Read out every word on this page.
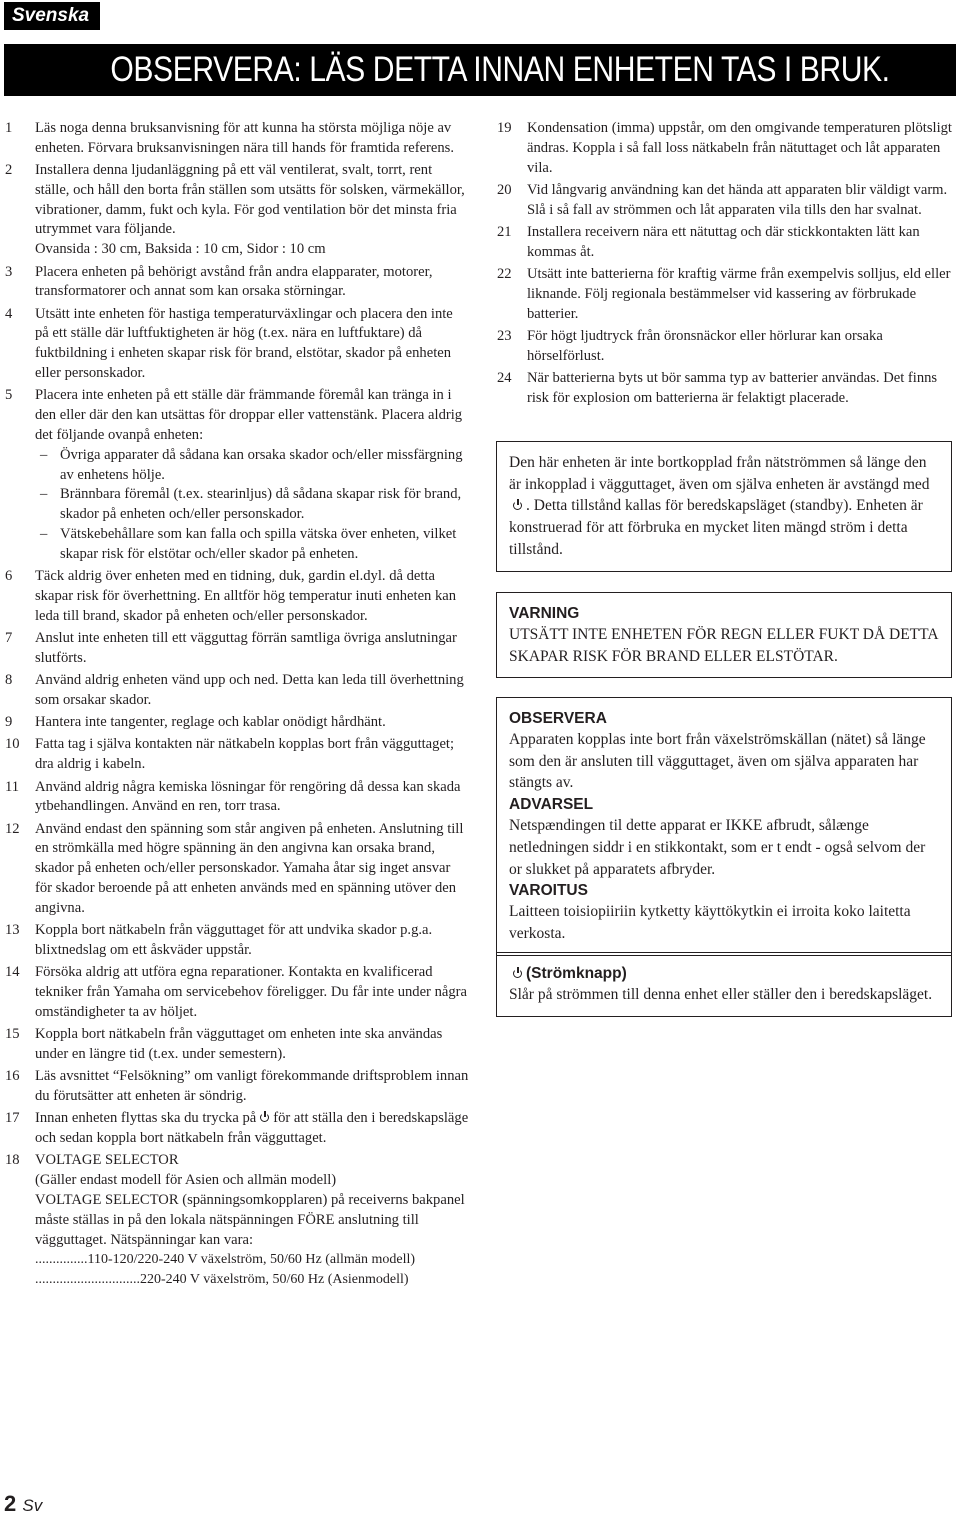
Svenska
OBSERVERA: LÄS DETTA INNAN ENHETEN TAS I BRUK.
1	Läs noga denna bruksanvisning för att kunna ha största möjliga nöje av enheten. Förvara bruksanvisningen nära till hands för framtida referens.

2	Installera denna ljudanläggning på ett väl ventilerat, svalt, torrt, rent ställe, och håll den borta från ställen som utsätts för solsken, värmekällor, vibrationer, damm, fukt och kyla. För god ventilation bör det minsta fria utrymmet vara följande.

Ovansida : 30 cm, Baksida : 10 cm, Sidor : 10 cm

3	Placera enheten på behörigt avstånd från andra elapparater, motorer, transformatorer och annat som kan orsaka störningar.

4	Utsätt inte enheten för hastiga temperaturväxlingar och placera den inte på ett ställe där luftfuktigheten är hög (t.ex. nära en luftfuktare) då fuktbildning i enheten skapar risk för brand, elstötar, skador på enheten eller personskador.

5	Placera inte enheten på ett ställe där främmande föremål kan tränga in i den eller där den kan utsättas för droppar eller vattenstänk. Placera aldrig det följande ovanpå enheten:

– Övriga apparater då sådana kan orsaka skador och/eller missfärgning av enhetens hölje.
– Brännbara föremål (t.ex. stearinljus) då sådana skapar risk för brand, skador på enheten och/eller personskador.
– Vätskebehållare som kan falla och spilla vätska över enheten, vilket skapar risk för elstötar och/eller skador på enheten.
6	Täck aldrig över enheten med en tidning, duk, gardin el.dyl. då detta skapar risk för överhettning. En alltför hög temperatur inuti enheten kan leda till brand, skador på enheten och/eller personskador.

7	Anslut inte enheten till ett vägguttag förrän samtliga övriga anslutningar slutförts.

8	Använd aldrig enheten vänd upp och ned. Detta kan leda till överhettning som orsakar skador.

9	Hantera inte tangenter, reglage och kablar onödigt hårdhänt.

10	Fatta tag i själva kontakten när nätkabeln kopplas bort från vägguttaget; dra aldrig i kabeln.

11	Använd aldrig några kemiska lösningar för rengöring då dessa kan skada ytbehandlingen. Använd en ren, torr trasa.

12	Använd endast den spänning som står angiven på enheten. Anslutning till en strömkälla med högre spänning än den angivna kan orsaka brand, skador på enheten och/eller personskador. Yamaha åtar sig inget ansvar för skador beroende på att enheten används med en spänning utöver den angivna.

13	Koppla bort nätkabeln från vägguttaget för att undvika skador p.g.a. blixtnedslag om ett åskväder uppstår.

14	Försöka aldrig att utföra egna reparationer. Kontakta en kvalificerad tekniker från Yamaha om servicebehov föreligger. Du får inte under några omständigheter ta av höljet.

15	Koppla bort nätkabeln från vägguttaget om enheten inte ska användas under en längre tid (t.ex. under semestern).

16	Läs avsnittet “Felsökning” om vanligt förekommande driftsproblem innan du förutsätter att enheten är söndrig.

17	Innan enheten flyttas ska du trycka på för att ställa den i beredskapsläge och sedan koppla bort nätkabeln från vägguttaget.

18	VOLTAGE SELECTOR

(Gäller endast modell för Asien och allmän modell)

VOLTAGE SELECTOR (spänningsomkopplaren) på receiverns bakpanel måste ställas in på den lokala nätspänningen FÖRE anslutning till vägguttaget. Nätspänningar kan vara:

...............110-120/220-240 V växelström, 50/60 Hz (allmän modell)

..............................220-240 V växelström, 50/60 Hz (Asienmodell)

19	Kondensation (imma) uppstår, om den omgivande temperaturen plötsligt ändras. Koppla i så fall loss nätkabeln från nätuttaget och låt apparaten vila.

20	Vid långvarig användning kan det hända att apparaten blir väldigt varm. Slå i så fall av strömmen och låt apparaten vila tills den har svalnat.

21	Installera receivern nära ett nätuttag och där stickkontakten lätt kan kommas åt.

22	Utsätt inte batterierna för kraftig värme från exempelvis solljus, eld eller liknande. Följ regionala bestämmelser vid kassering av förbrukade batterier.

23	För högt ljudtryck från öronsnäckor eller hörlurar kan orsaka hörselförlust.

24	När batterierna byts ut bör samma typ av batterier användas. Det finns risk för explosion om batterierna är felaktigt placerade.

Den här enheten är inte bortkopplad från nätströmmen så länge den är inkopplad i vägguttaget, även om själva enheten är avstängd med. Detta tillstånd kallas för beredskapsläget (standby). Enheten är konstruerad för att förbruka en mycket liten mängd ström i detta tillstånd.

VARNING

UTSÄTT INTE ENHETEN FÖR REGN ELLER FUKT DÅ DETTA SKAPAR RISK FÖR BRAND ELLER ELSTÖTAR.

OBSERVERA

Apparaten kopplas inte bort från växelströmskällan (nätet) så länge som den är ansluten till vägguttaget, även om själva apparaten har stängts av.

ADVARSEL

Netspændingen til dette apparat er IKKE afbrudt, sålænge netledningen siddr i en stikkontakt, som er t endt - også selvom der or slukket på apparatets afbryder.

VAROITUS

Laitteen toisiopiiriin kytketty käyttökytkin ei irroita koko laitetta verkosta.

(Strömknapp)

Slår på strömmen till denna enhet eller ställer den i beredskapsläget.

2 Sv
